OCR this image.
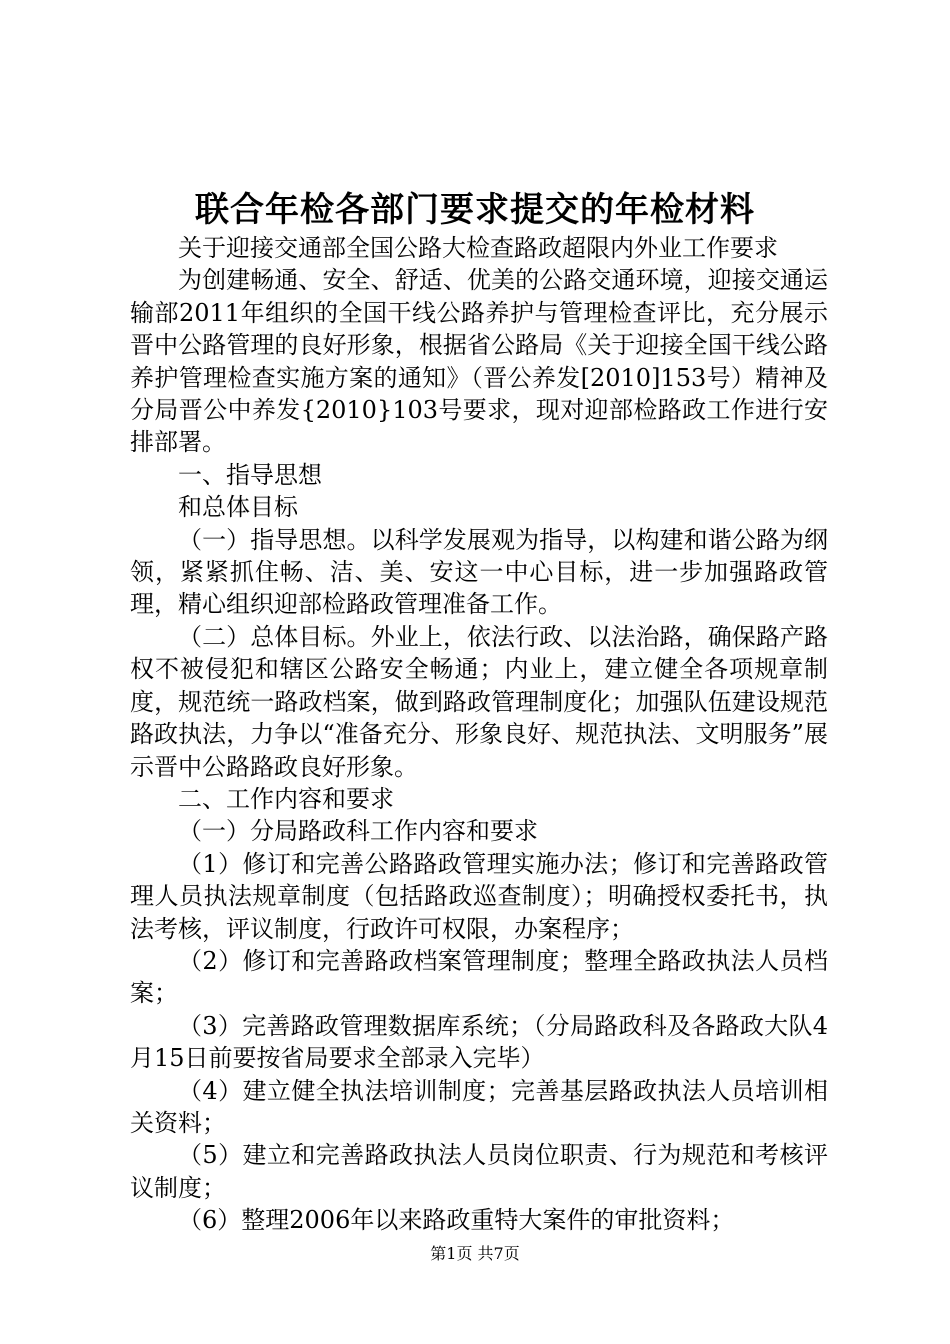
联合年检各部门要求提交的年检材料

关于迎接交通部全国公路大检查路政超限内外业工作要求

为创建畅通、安全、舒适、优美的公路交通环境，迎接交通运输部2011年组织的全国干线公路养护与管理检查评比，充分展示晋中公路管理的良好形象，根据省公路局《关于迎接全国干线公路养护管理检查实施方案的通知》（晋公养发[2010]153号）精神及分局晋公中养发{2010}103号要求，现对迎部检路政工作进行安排部署。

一、指导思想

和总体目标

（一）指导思想。以科学发展观为指导，以构建和谐公路为纲领，紧紧抓住畅、洁、美、安这一中心目标，进一步加强路政管理，精心组织迎部检路政管理准备工作。

（二）总体目标。外业上，依法行政、以法治路，确保路产路权不被侵犯和辖区公路安全畅通；内业上，建立健全各项规章制度，规范统一路政档案，做到路政管理制度化；加强队伍建设规范路政执法，力争以“准备充分、形象良好、规范执法、文明服务”展示晋中公路路政良好形象。

二、工作内容和要求

（一）分局路政科工作内容和要求

（1）修订和完善公路路政管理实施办法；修订和完善路政管理人员执法规章制度（包括路政巡查制度）；明确授权委托书，执法考核，评议制度，行政许可权限，办案程序；

（2）修订和完善路政档案管理制度；整理全路政执法人员档案；

（3）完善路政管理数据库系统；（分局路政科及各路政大队4月15日前要按省局要求全部录入完毕）

（4）建立健全执法培训制度；完善基层路政执法人员培训相关资料；

（5）建立和完善路政执法人员岗位职责、行为规范和考核评议制度；

（6）整理2006年以来路政重特大案件的审批资料；

第1页 共7页
